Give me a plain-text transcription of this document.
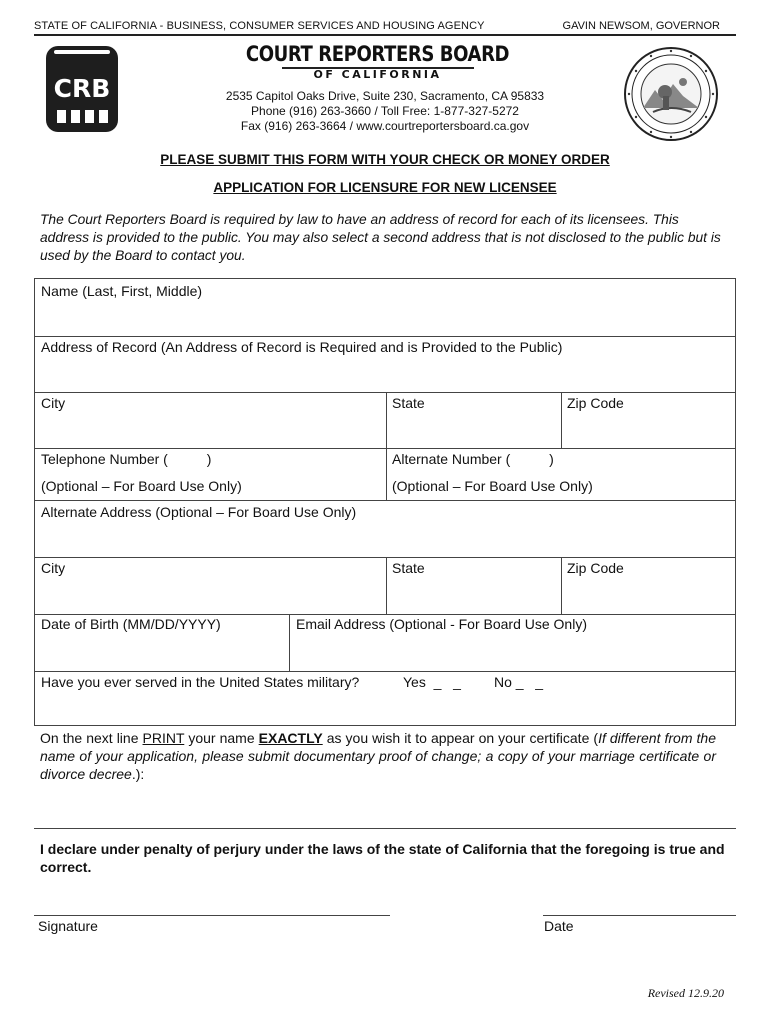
STATE OF CALIFORNIA - BUSINESS, CONSUMER SERVICES AND HOUSING AGENCY	GAVIN NEWSOM, GOVERNOR
CRB
COURT REPORTERS BOARD
OF CALIFORNIA
2535 Capitol Oaks Drive, Suite 230, Sacramento, CA 95833
Phone (916) 263-3660 / Toll Free: 1-877-327-5272
Fax (916) 263-3664 / www.courtreportersboard.ca.gov
PLEASE SUBMIT THIS FORM WITH YOUR CHECK OR MONEY ORDER
APPLICATION FOR LICENSURE FOR NEW LICENSEE
The Court Reporters Board is required by law to have an address of record for each of its licensees. This address is provided to the public. You may also select a second address that is not disclosed to the public but is used by the Board to contact you.
Name (Last, First, Middle)
Address of Record (An Address of Record is Required and is Provided to the Public)
City	State	Zip Code
Telephone Number (          )	Alternate Number (          )
(Optional – For Board Use Only)	(Optional – For Board Use Only)
Alternate Address (Optional – For Board Use Only)
City	State	Zip Code
Date of Birth (MM/DD/YYYY)	Email Address (Optional - For Board Use Only)
Have you ever served in the United States military?	Yes  _   _ No _   _
On the next line PRINT your name EXACTLY as you wish it to appear on your certificate (If different from the name of your application, please submit documentary proof of change; a copy of your marriage certificate or divorce decree.):
I declare under penalty of perjury under the laws of the state of California that the foregoing is true and correct.
Signature	Date
Revised 12.9.20
